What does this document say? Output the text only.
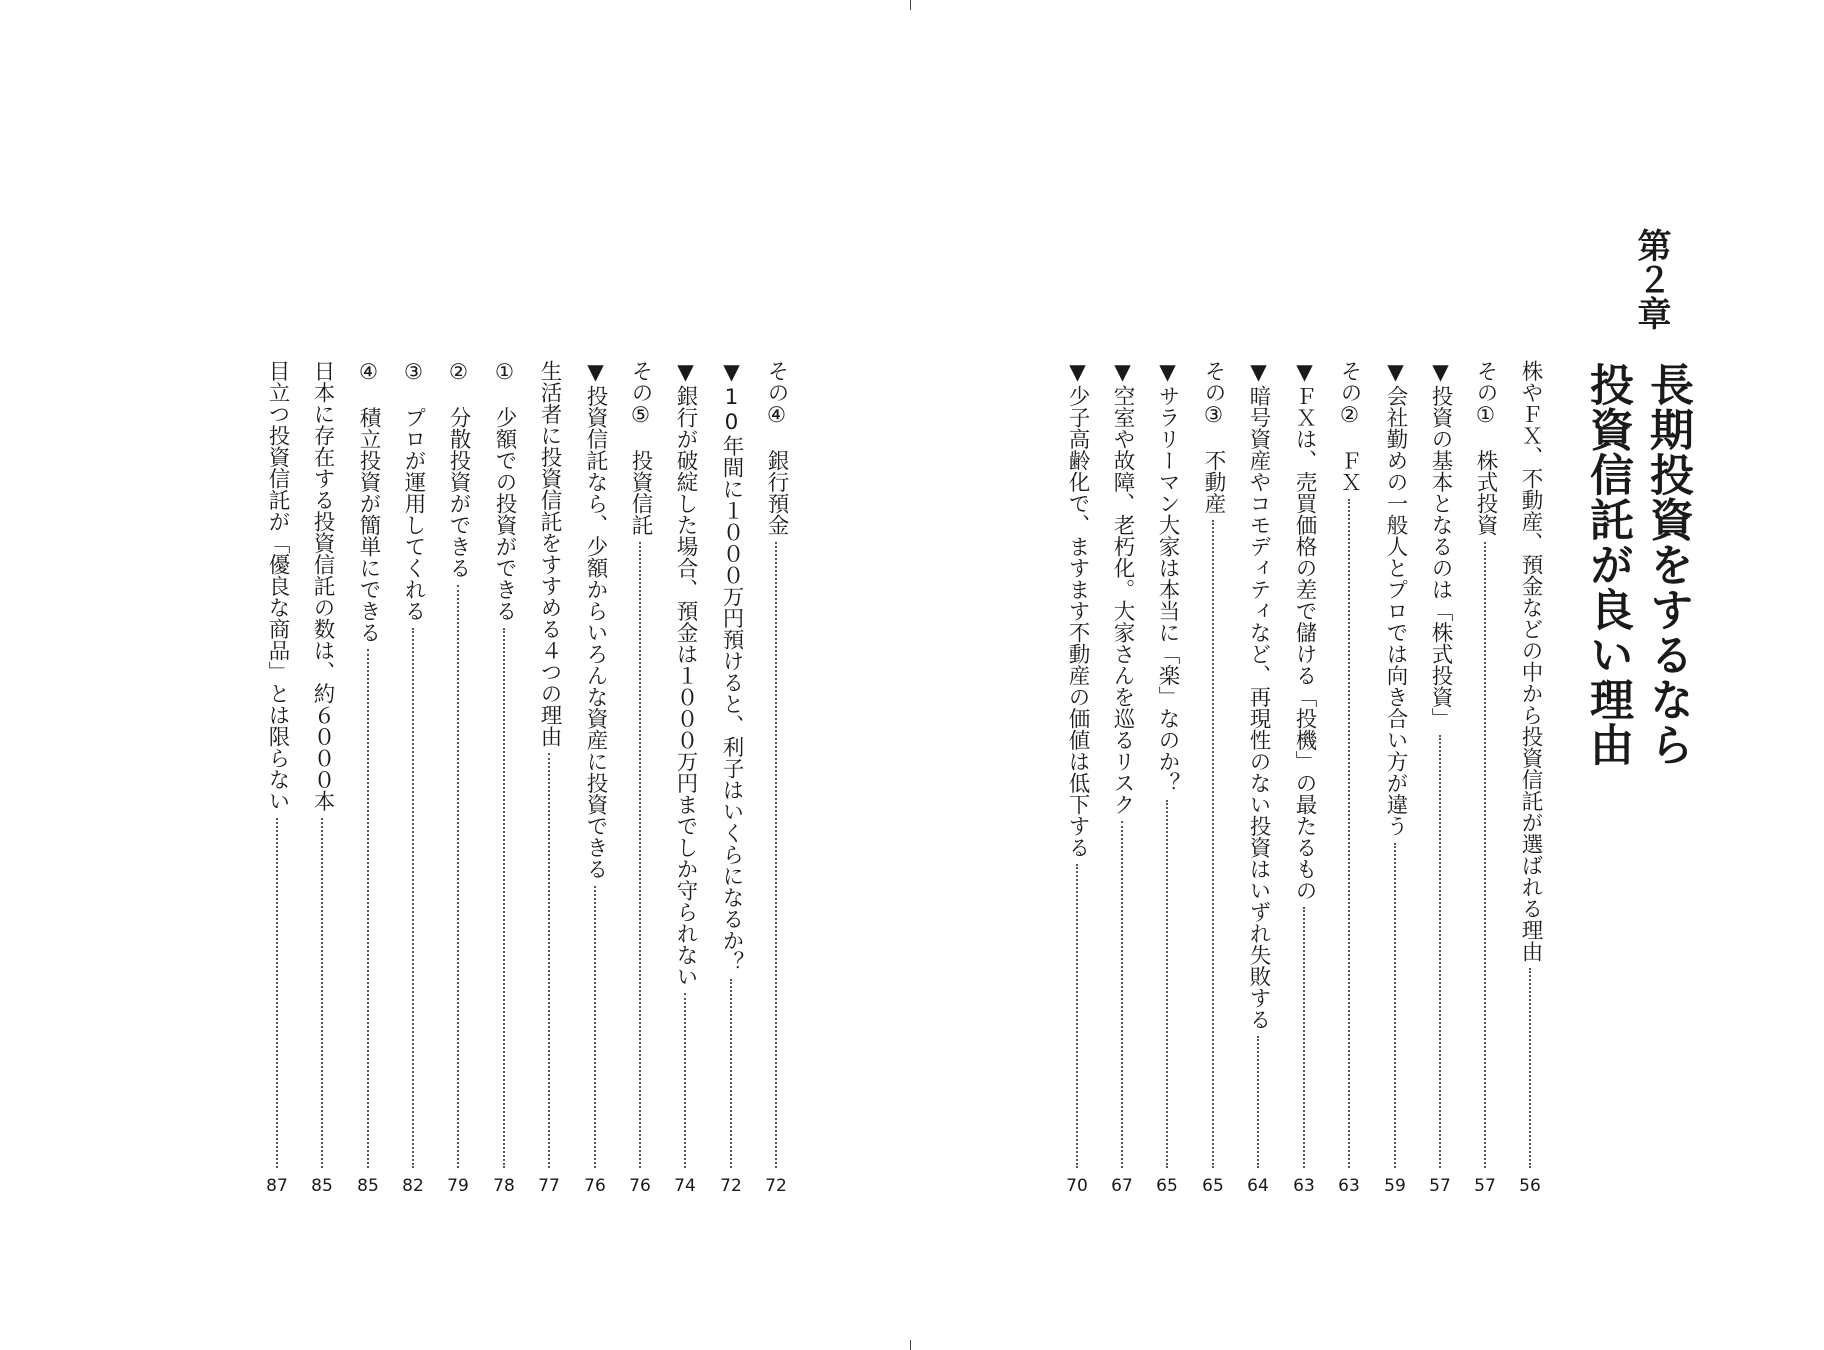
第２章
長期投資をするなら
投資信託が良い理由
株やＦＸ、不動産、預金などの中から投資信託が選ばれる理由
56
その①　株式投資
57
▼投資の基本となるのは「株式投資」
57
▼会社勤めの一般人とプロでは向き合い方が違う
59
その②　ＦＸ
63
▼ＦＸは、売買価格の差で儲ける「投機」の最たるもの
63
▼暗号資産やコモディティなど、再現性のない投資はいずれ失敗する
64
その③　不動産
65
▼サラリーマン大家は本当に「楽」なのか？
65
▼空室や故障、老朽化。大家さんを巡るリスク
67
▼少子高齢化で、ますます不動産の価値は低下する
70
その④　銀行預金
72
▼10年間に１０００万円預けると、利子はいくらになるか？
72
▼銀行が破綻した場合、預金は１０００万円までしか守られない
74
その⑤　投資信託
76
▼投資信託なら、少額からいろんな資産に投資できる
76
生活者に投資信託をすすめる４つの理由
77
①　少額での投資ができる
78
②　分散投資ができる
79
③　プロが運用してくれる
82
④　積立投資が簡単にできる
85
日本に存在する投資信託の数は、約６０００本
85
目立つ投資信託が「優良な商品」とは限らない
87
